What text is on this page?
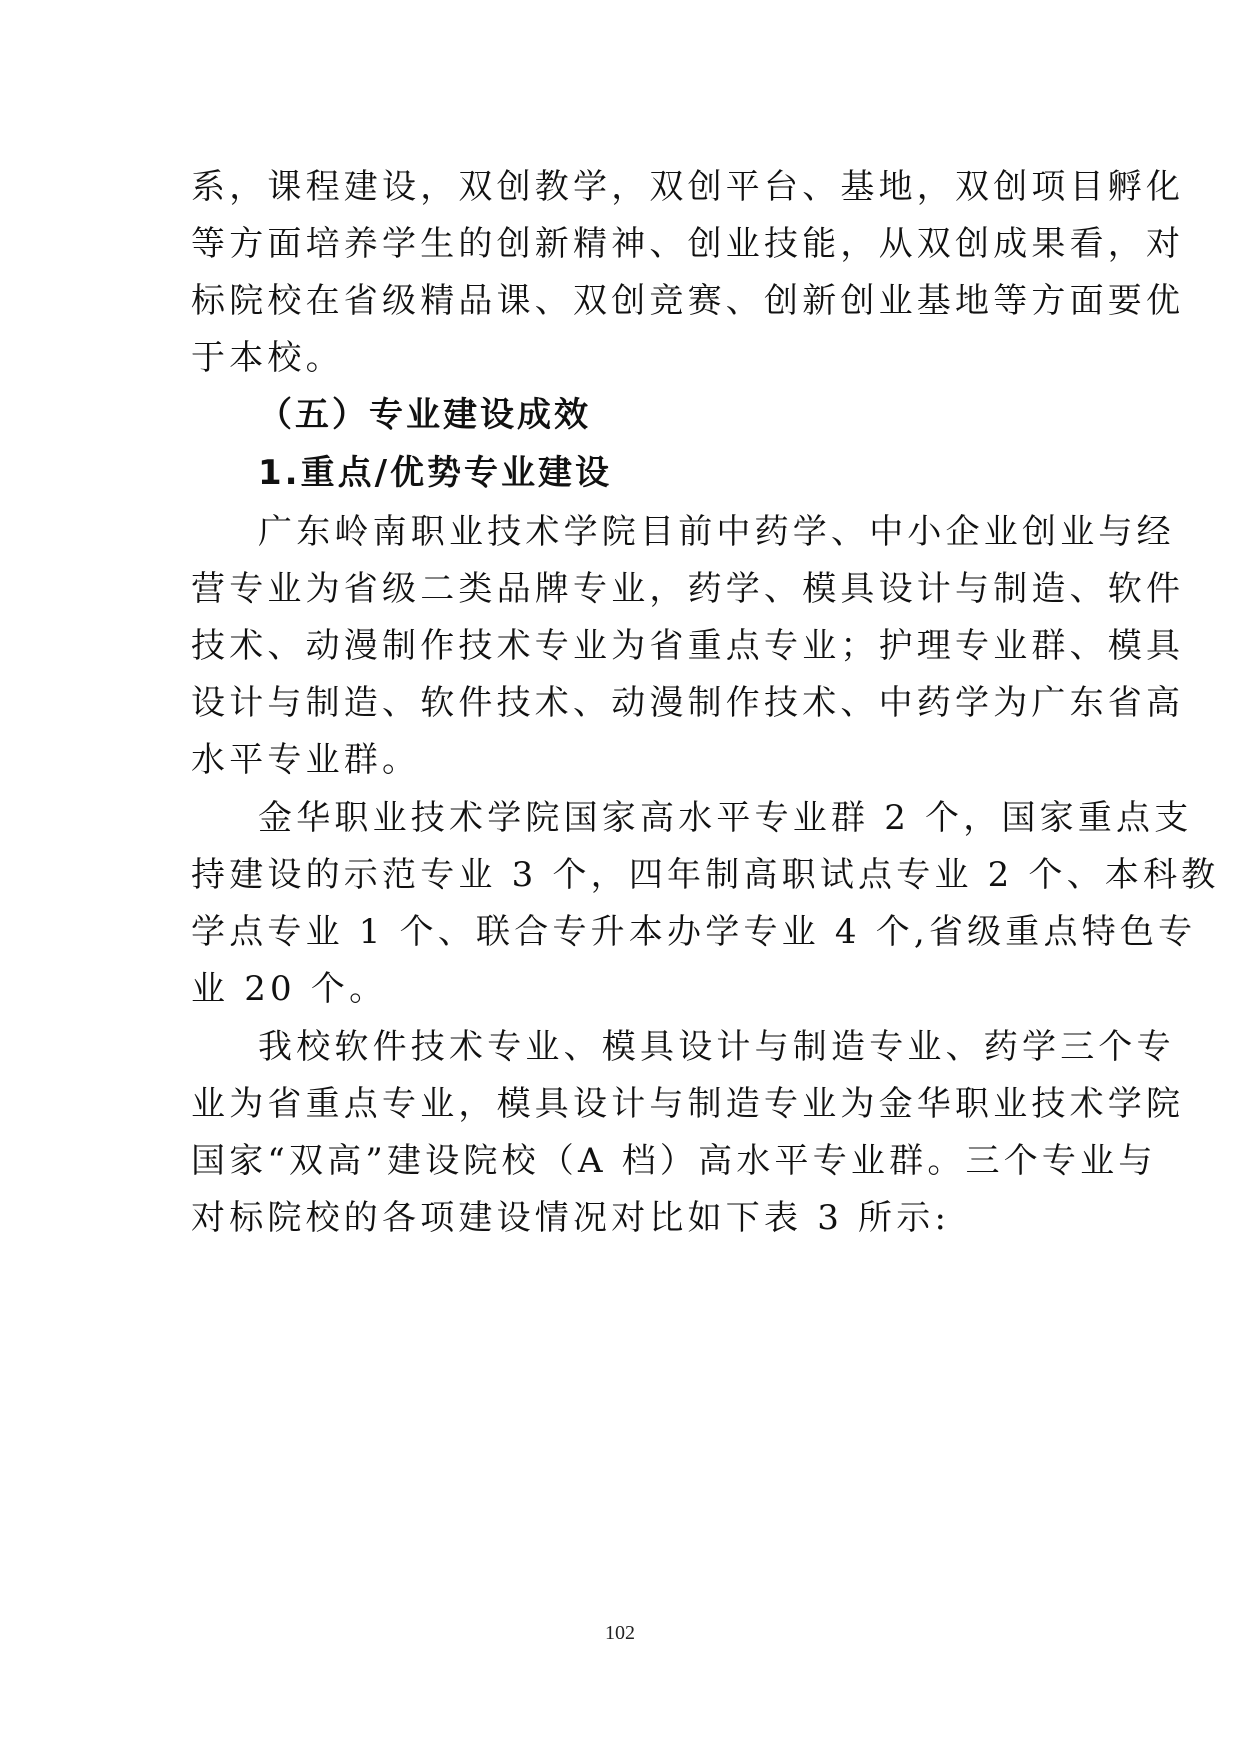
系，课程建设，双创教学，双创平台、基地，双创项目孵化
等方面培养学生的创新精神、创业技能，从双创成果看，对
标院校在省级精品课、双创竞赛、创新创业基地等方面要优
于本校。
（五）专业建设成效
1.重点/优势专业建设
广东岭南职业技术学院目前中药学、中小企业创业与经
营专业为省级二类品牌专业，药学、模具设计与制造、软件
技术、动漫制作技术专业为省重点专业；护理专业群、模具
设计与制造、软件技术、动漫制作技术、中药学为广东省高
水平专业群。
金华职业技术学院国家高水平专业群 2 个，国家重点支
持建设的示范专业 3 个，四年制高职试点专业 2 个、本科教
学点专业 1 个、联合专升本办学专业 4 个,省级重点特色专
业 20 个。
我校软件技术专业、模具设计与制造专业、药学三个专
业为省重点专业，模具设计与制造专业为金华职业技术学院
国家“双高”建设院校（A 档）高水平专业群。三个专业与
对标院校的各项建设情况对比如下表 3 所示:
102
